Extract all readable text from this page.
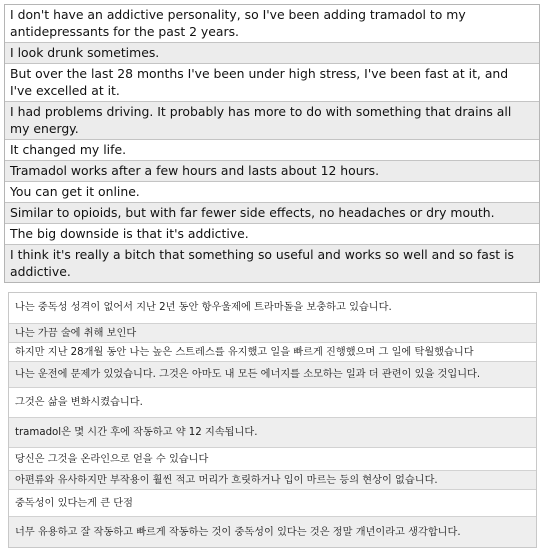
I don't have an addictive personality, so I've been adding tramadol to my antidepressants for the past 2 years.
I look drunk sometimes.
But over the last 28 months I've been under high stress, I've been fast at it, and I've excelled at it.
I had problems driving. It probably has more to do with something that drains all my energy.
It changed my life.
Tramadol works after a few hours and lasts about 12 hours.
You can get it online.
Similar to opioids, but with far fewer side effects, no headaches or dry mouth.
The big downside is that it's addictive.
I think it's really a bitch that something so useful and works so well and so fast is addictive.
나는 중독성 성격이 없어서 지난 2년 동안 항우울제에 트라마돌을 보충하고 있습니다.
나는 가끔 술에 취해 보인다
하지만 지난 28개월 동안 나는 높은 스트레스를 유지했고 일을 빠르게 진행했으며 그 일에 탁월했습니다
나는 운전에 문제가 있었습니다. 그것은 아마도 내 모든 에너지를 소모하는 일과 더 관련이 있을 것입니다.
그것은 삶을 변화시켰습니다.
tramadol은 몇 시간 후에 작동하고 약 12 지속됩니다.
당신은 그것을 온라인으로 얻을 수 있습니다
아편류와 유사하지만 부작용이 훨씬 적고 머리가 흐릿하거나 입이 마르는 등의 현상이 없습니다.
중독성이 있다는게 큰 단점
너무 유용하고 잘 작동하고 빠르게 작동하는 것이 중독성이 있다는 것은 정말 개년이라고 생각합니다.
